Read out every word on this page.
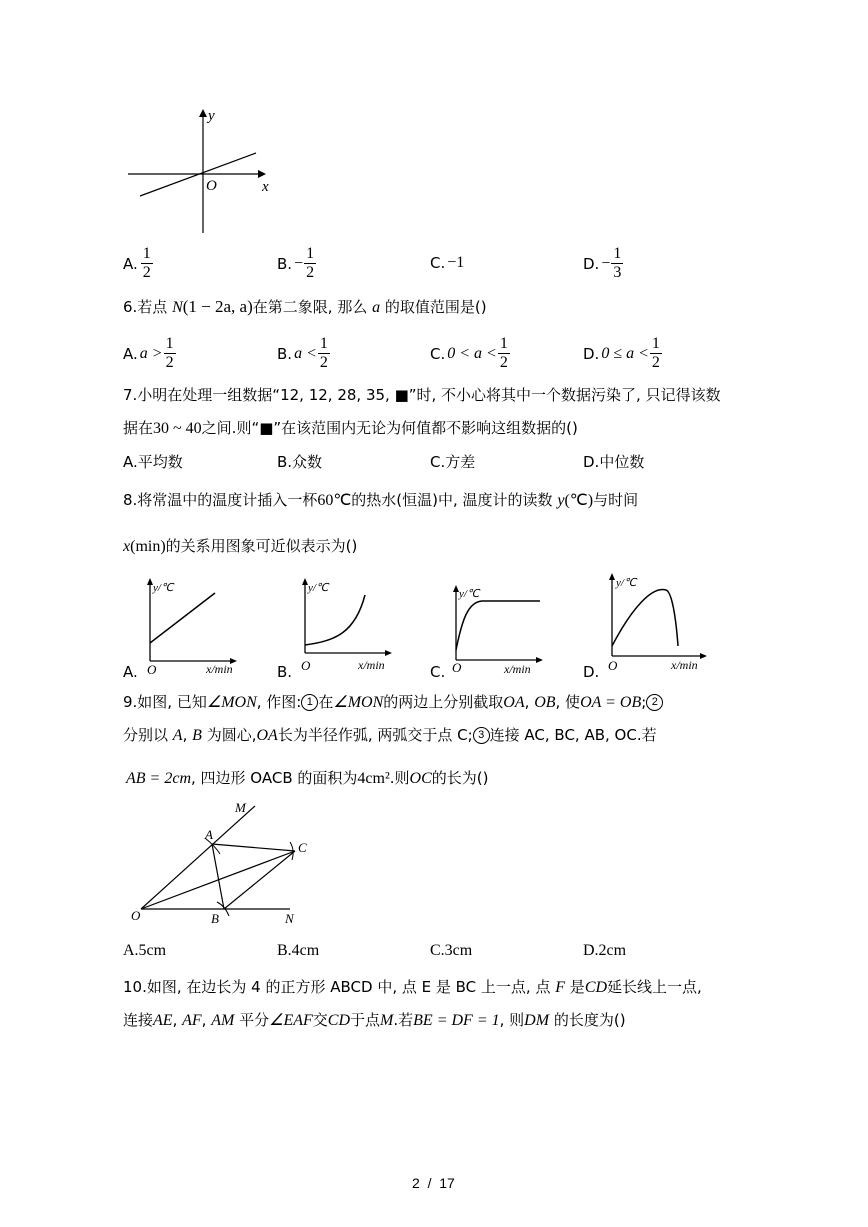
y
O	x
A. $\frac{1}{2}$	B. − $\frac{1}{2}$	C. −1	D. − $\frac{1}{3}$
6.若点 N(1 − 2a, a)在第二象限, 那么 a 的取值范围是()
A. $a > \frac{1}{2}$	B. $a < \frac{1}{2}$	C. $0 < a < \frac{1}{2}$	D. $0 \le a < \frac{1}{2}$
7.小明在处理一组数据“12, 12, 28, 35, ■”时, 不小心将其中一个数据污染了, 只记得该数
据在30 ~ 40之间.则“■”在该范围内无论为何值都不影响这组数据的()
A.平均数	B.众数	C.方差	D.中位数
8.将常温中的温度计插入一杯60℃的热水(恒温)中, 温度计的读数 y(℃)与时间
x(min)的关系用图象可近似表示为()
y/℃
A. O	x/min
y/℃
B. O	x/min
y/℃
C. O	x/min
y/℃
D. O	x/min
9.如图, 已知∠MON, 作图: 1 在∠MON的两边上分别截取OA, OB, 使OA = OB; 2
分别以 A, B 为圆心,OA长为半径作弧, 两弧交于点 C; 3 连接 AC, BC, AB, OC.若
AB = 2cm, 四边形 OACB 的面积为4cm².则OC的长为()
M
A
C
O	B	N
A.5cm	B.4cm	C.3cm	D.2cm
10.如图, 在边长为 4 的正方形 ABCD 中, 点 E 是 BC 上一点, 点 F 是CD延长线上一点,
连接AE, AF, AM 平分∠EAF交CD于点M.若BE = DF = 1, 则DM 的长度为()
2  /  17
